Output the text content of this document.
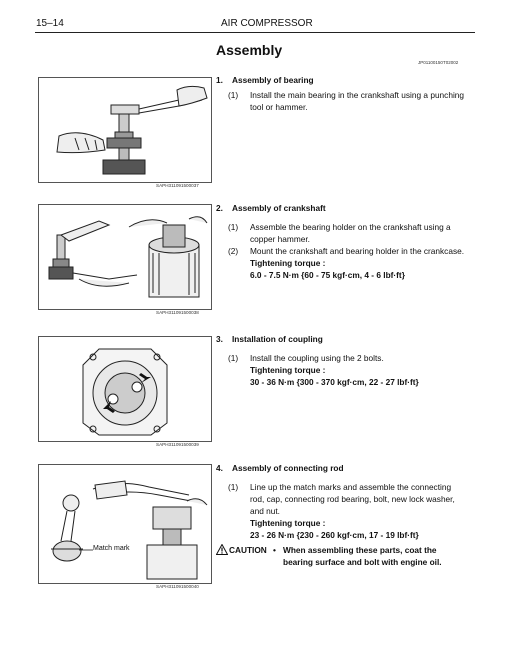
15–14	AIR COMPRESSOR
Assembly
JP01100150T02002
SAPH311091500037
SAPH311091500038
SAPH311091500039
Match mark
SAPH311091500040
1.	Assembly of bearing
(1)	Install the main bearing in the crankshaft using a punching
tool or hammer.
2.	Assembly of crankshaft
(1)	Assemble the bearing holder on the crankshaft using a
copper hammer.
(2)	Mount the crankshaft and bearing holder in the crankcase.
Tightening torque :
6.0 - 7.5 N·m {60 - 75 kgf·cm, 4 - 6 lbf·ft}
3.	Installation of coupling
(1)	Install the coupling using the 2 bolts.
Tightening torque :
30 - 36 N·m {300 - 370 kgf·cm, 22 - 27 lbf·ft}
4.	Assembly of connecting rod
(1)	Line up the match marks and assemble the connecting
rod, cap, connecting rod bearing, bolt, new lock washer,
and nut.
Tightening torque :
23 - 26 N·m {230 - 260 kgf·cm, 17 - 19 lbf·ft}
CAUTION • When assembling these parts, coat the
bearing surface and bolt with engine oil.
